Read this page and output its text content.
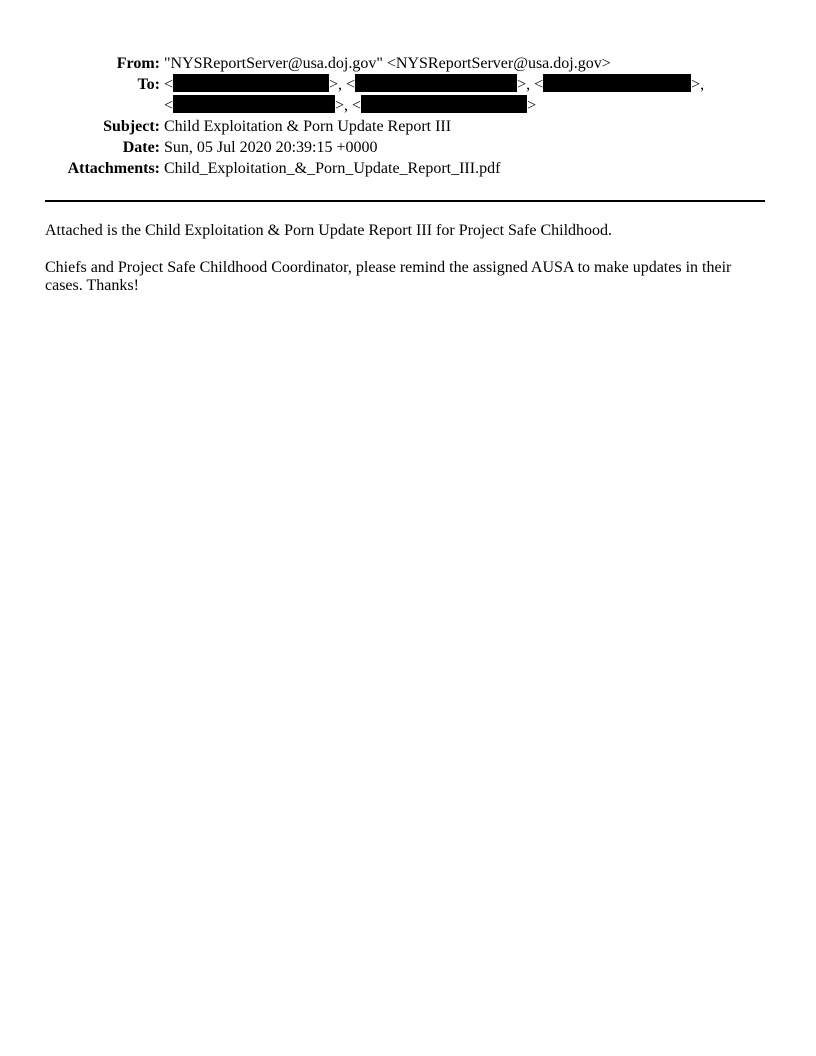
From: "NYSReportServer@usa.doj.gov" <NYSReportServer@usa.doj.gov>
To: <	>, <	>, <	>,
<	>, <	>
Subject: Child Exploitation & Porn Update Report III
Date: Sun, 05 Jul 2020 20:39:15 +0000
Attachments: Child_Exploitation_&_Porn_Update_Report_III.pdf

Attached is the Child Exploitation & Porn Update Report III for Project Safe Childhood.

Chiefs and Project Safe Childhood Coordinator, please remind the assigned AUSA to make updates in their cases. Thanks!
